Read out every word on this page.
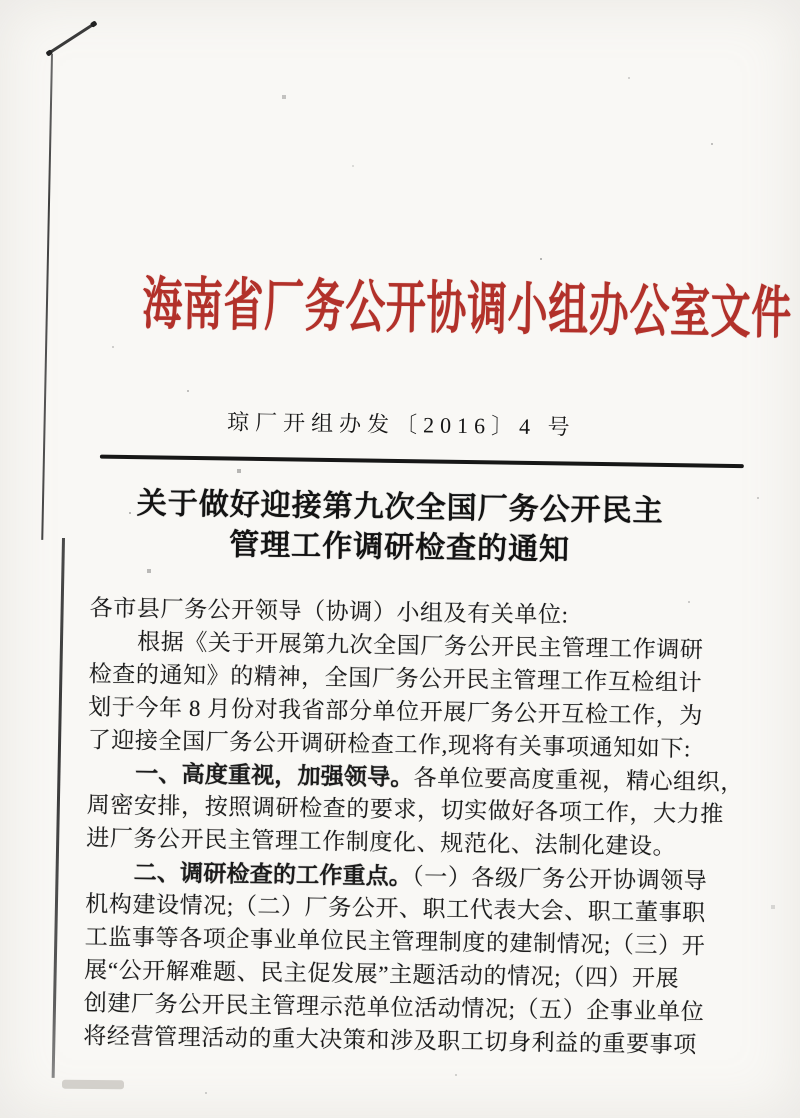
海南省厂务公开协调小组办公室文件
琼厂开组办发〔2016〕4 号
关于做好迎接第九次全国厂务公开民主
管理工作调研检查的通知
各市县厂务公开领导（协调）小组及有关单位:
根据《关于开展第九次全国厂务公开民主管理工作调研
检查的通知》的精神，全国厂务公开民主管理工作互检组计
划于今年 8 月份对我省部分单位开展厂务公开互检工作，为
了迎接全国厂务公开调研检查工作,现将有关事项通知如下:
一、高度重视，加强领导。各单位要高度重视，精心组织，
周密安排，按照调研检查的要求，切实做好各项工作，大力推
进厂务公开民主管理工作制度化、规范化、法制化建设。
二、调研检查的工作重点。（一）各级厂务公开协调领导
机构建设情况;（二）厂务公开、职工代表大会、职工董事职
工监事等各项企事业单位民主管理制度的建制情况;（三）开
展“公开解难题、民主促发展”主题活动的情况;（四）开展
创建厂务公开民主管理示范单位活动情况;（五）企事业单位
将经营管理活动的重大决策和涉及职工切身利益的重要事项
